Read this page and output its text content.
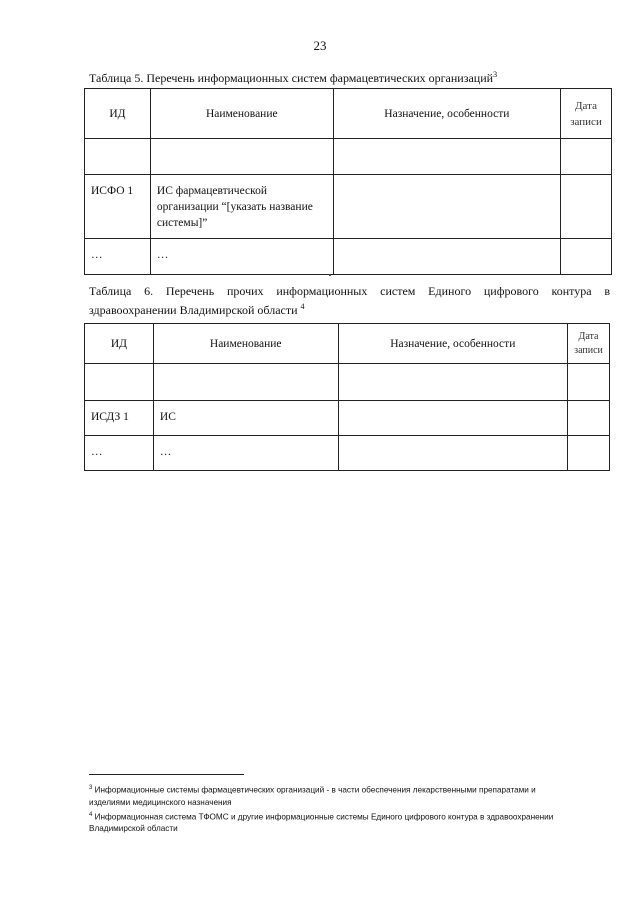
23
Таблица 5. Перечень информационных систем фармацевтических организаций$^3$
ИД	Наименование	Назначение, особенности	Дата записи

ИСФО 1	ИС фармацевтической организации “[указать название системы]”		
…	…		
Таблица 6. Перечень прочих информационных систем Единого цифрового контура в здравоохранении Владимирской области $^4$
ИД	Наименование	Назначение, особенности	Дата записи

ИСДЗ 1	ИС		
…	…		
$^3$ Информационные системы фармацевтических организаций - в части обеспечения лекарственными препаратами и изделиями медицинского назначения
$^4$ Информационная система ТФОМС и другие информационные системы Единого цифрового контура в здравоохранении Владимирской области
